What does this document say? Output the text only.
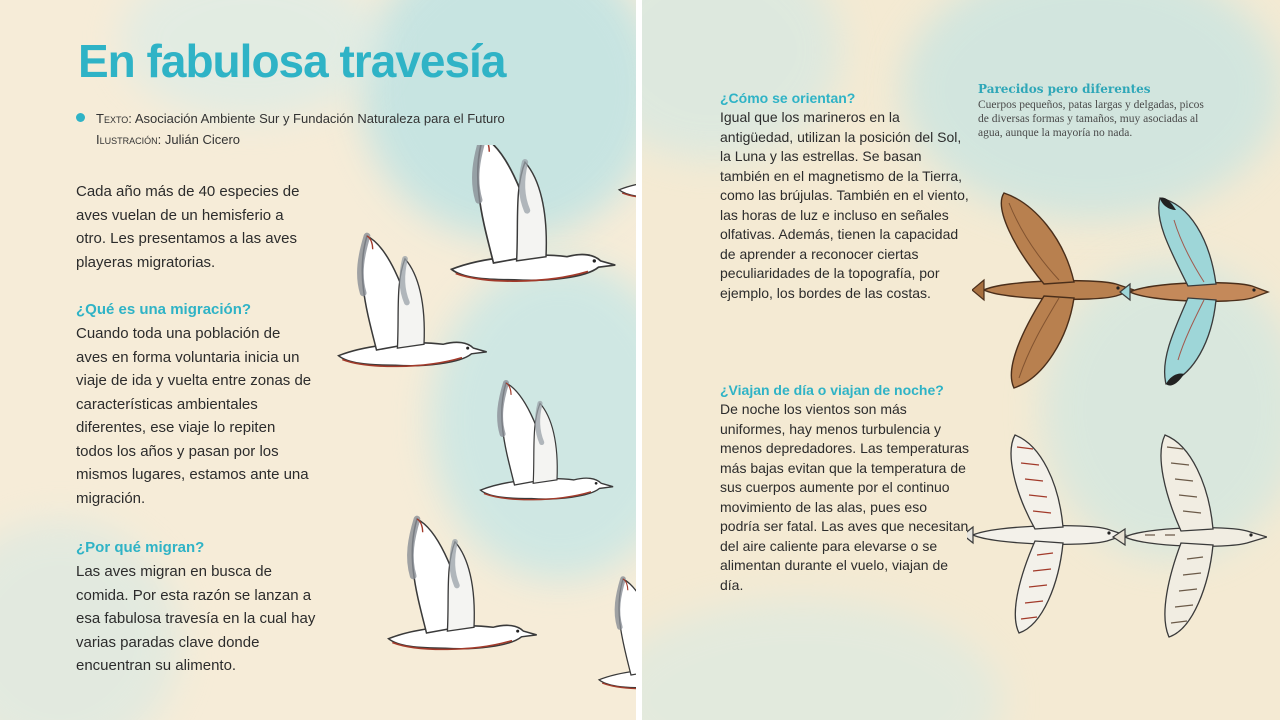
En fabulosa travesía
Texto: Asociación Ambiente Sur y Fundación Naturaleza para el Futuro
Ilustración: Julián Cicero

Cada año más de 40 especies de aves vuelan de un hemisferio a otro. Les presentamos a las aves playeras migratorias.

¿Qué es una migración?

Cuando toda una población de aves en forma voluntaria inicia un viaje de ida y vuelta entre zonas de características ambientales diferentes, ese viaje lo repiten todos los años y pasan por los mismos lugares, estamos ante una migración.

¿Por qué migran?

Las aves migran en busca de comida. Por esta razón se lanzan a esa fabulosa travesía en la cual hay varias paradas clave donde encuentran su alimento.

¿Cómo se orientan?

Igual que los marineros en la antigüedad, utilizan la posición del Sol, la Luna y las estrellas. Se basan también en el magnetismo de la Tierra, como las brújulas. También en el viento, las horas de luz e incluso en señales olfativas. Además, tienen la capacidad de aprender a reconocer ciertas peculiaridades de la topografía, por ejemplo, los bordes de las costas.

¿Viajan de día o viajan de noche?

De noche los vientos son más uniformes, hay menos turbulencia y menos depredadores. Las temperaturas más bajas evitan que la temperatura de sus cuerpos aumente por el continuo movimiento de las alas, pues eso podría ser fatal. Las aves que necesitan del aire caliente para elevarse o se alimentan durante el vuelo, viajan de día.

Parecidos pero diferentes

Cuerpos pequeños, patas largas y delgadas, picos de diversas formas y tamaños, muy asociadas al agua, aunque la mayoría no nada.
